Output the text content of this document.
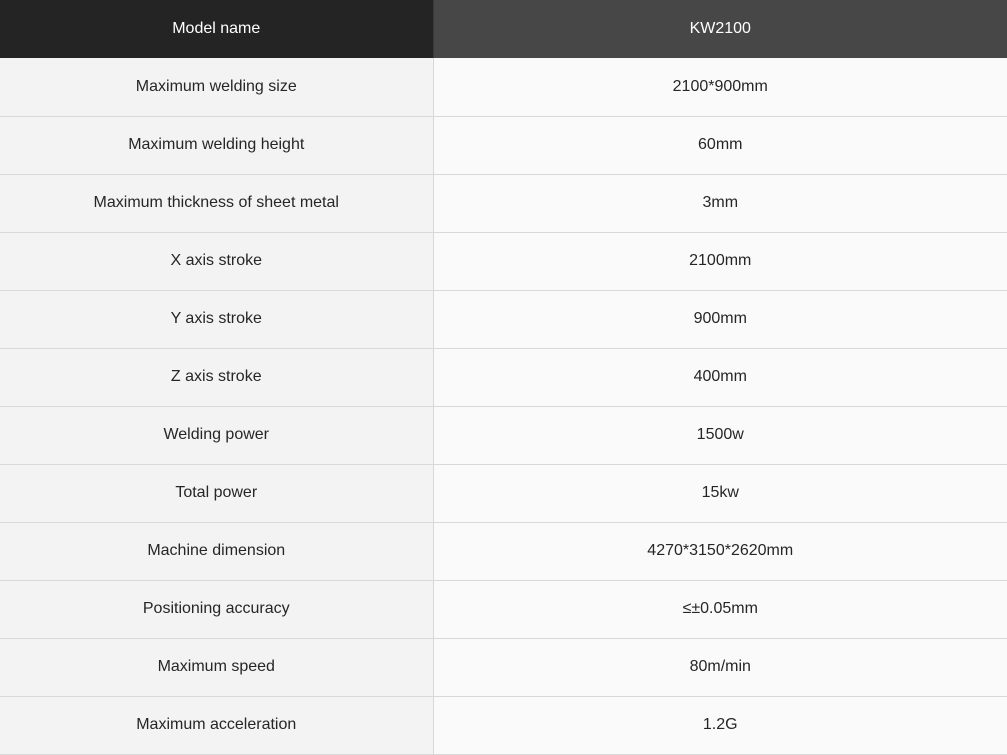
Model name	KW2100
Maximum welding size	2100*900mm
Maximum welding height	60mm
Maximum thickness of sheet metal	3mm
X axis stroke	2100mm
Y axis stroke	900mm
Z axis stroke	400mm
Welding power	1500w
Total power	15kw
Machine dimension	4270*3150*2620mm
Positioning accuracy	≤±0.05mm
Maximum speed	80m/min
Maximum acceleration	1.2G
